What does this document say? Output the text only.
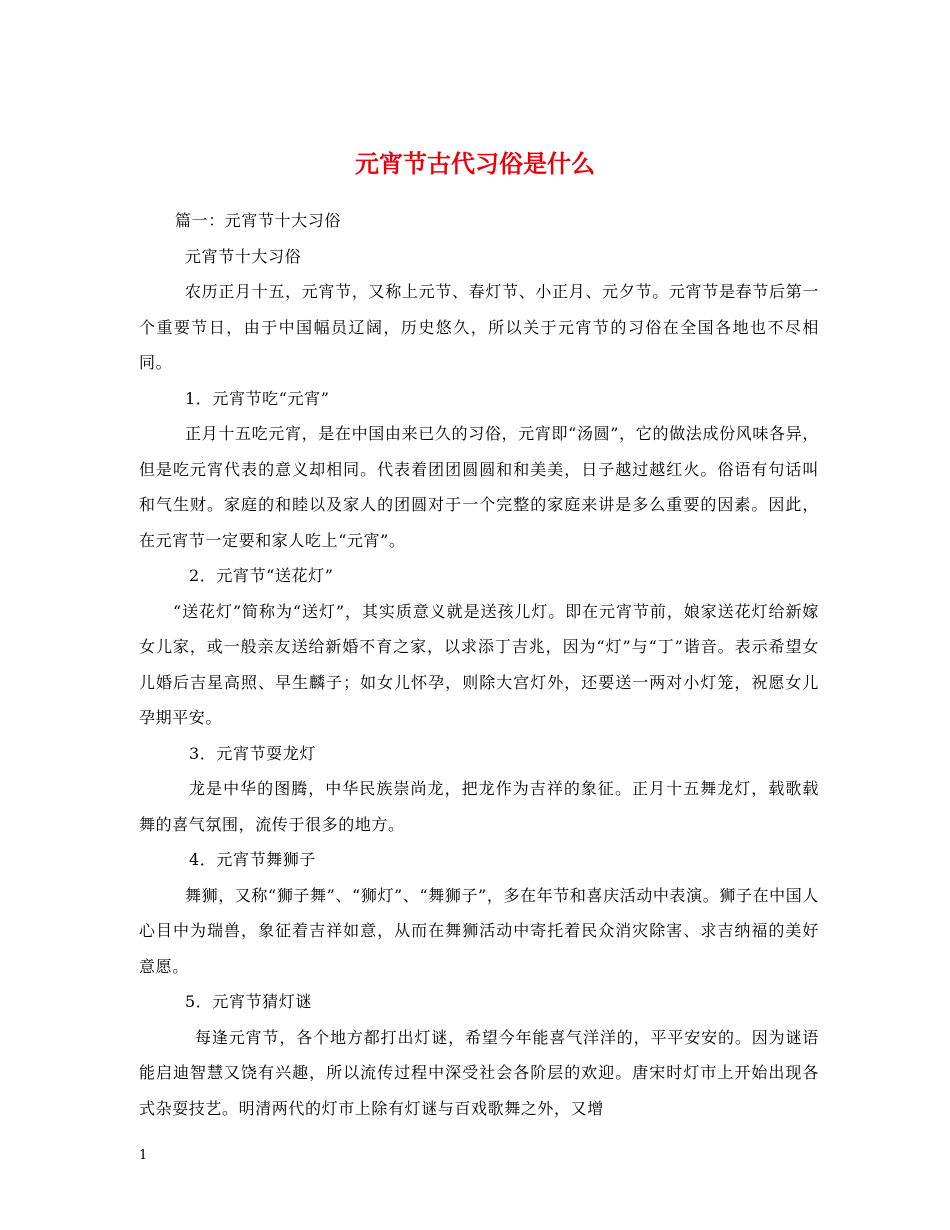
元宵节古代习俗是什么

篇一：元宵节十大习俗

元宵节十大习俗

农历正月十五，元宵节，又称上元节、春灯节、小正月、元夕节。元宵节是春节后第一个重要节日，由于中国幅员辽阔，历史悠久，所以关于元宵节的习俗在全国各地也不尽相同。

1．元宵节吃“元宵”

正月十五吃元宵，是在中国由来已久的习俗，元宵即“汤圆”，它的做法成份风味各异，但是吃元宵代表的意义却相同。代表着团团圆圆和和美美，日子越过越红火。俗语有句话叫和气生财。家庭的和睦以及家人的团圆对于一个完整的家庭来讲是多么重要的因素。因此，在元宵节一定要和家人吃上“元宵”。

2．元宵节“送花灯”

“送花灯”简称为“送灯”，其实质意义就是送孩儿灯。即在元宵节前，娘家送花灯给新嫁女儿家，或一般亲友送给新婚不育之家，以求添丁吉兆，因为“灯”与“丁”谐音。表示希望女儿婚后吉星高照、早生麟子；如女儿怀孕，则除大宫灯外，还要送一两对小灯笼，祝愿女儿孕期平安。

3．元宵节耍龙灯

龙是中华的图腾，中华民族崇尚龙，把龙作为吉祥的象征。正月十五舞龙灯，载歌载舞的喜气氛围，流传于很多的地方。

4．元宵节舞狮子

舞狮，又称“狮子舞”、“狮灯”、“舞狮子”，多在年节和喜庆活动中表演。狮子在中国人心目中为瑞兽，象征着吉祥如意，从而在舞狮活动中寄托着民众消灾除害、求吉纳福的美好意愿。

5．元宵节猜灯谜

每逢元宵节，各个地方都打出灯谜，希望今年能喜气洋洋的，平平安安的。因为谜语能启迪智慧又饶有兴趣，所以流传过程中深受社会各阶层的欢迎。唐宋时灯市上开始出现各式杂耍技艺。明清两代的灯市上除有灯谜与百戏歌舞之外，又增

1
